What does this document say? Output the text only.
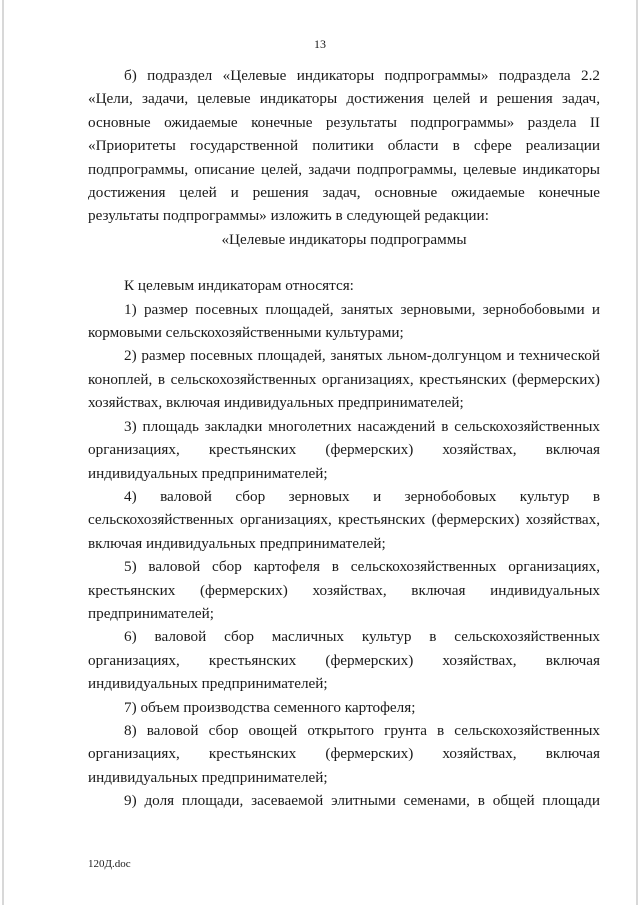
13

б) подраздел «Целевые индикаторы подпрограммы» подраздела 2.2 «Цели, задачи, целевые индикаторы достижения целей и решения задач, основные ожидаемые конечные результаты подпрограммы» раздела II «Приоритеты государственной политики области в сфере реализации подпрограммы, описание целей, задачи подпрограммы, целевые индикаторы достижения целей и решения задач, основные ожидаемые конечные результаты подпрограммы» изложить в следующей редакции:

«Целевые индикаторы подпрограммы

К целевым индикаторам относятся:

1) размер посевных площадей, занятых зерновыми, зернобобовыми и кормовыми сельскохозяйственными культурами;

2) размер посевных площадей, занятых льном-долгунцом и технической коноплей, в сельскохозяйственных организациях, крестьянских (фермерских) хозяйствах, включая индивидуальных предпринимателей;

3) площадь закладки многолетних насаждений в сельскохозяйственных организациях, крестьянских (фермерских) хозяйствах, включая индивидуальных предпринимателей;

4) валовой сбор зерновых и зернобобовых культур в сельскохозяйственных организациях, крестьянских (фермерских) хозяйствах, включая индивидуальных предпринимателей;

5) валовой сбор картофеля в сельскохозяйственных организациях, крестьянских (фермерских) хозяйствах, включая индивидуальных предпринимателей;

6) валовой сбор масличных культур в сельскохозяйственных организациях, крестьянских (фермерских) хозяйствах, включая индивидуальных предпринимателей;

7) объем производства семенного картофеля;

8) валовой сбор овощей открытого грунта в сельскохозяйственных организациях, крестьянских (фермерских) хозяйствах, включая индивидуальных предпринимателей;

9) доля площади, засеваемой элитными семенами, в общей площади

120Д.doc
